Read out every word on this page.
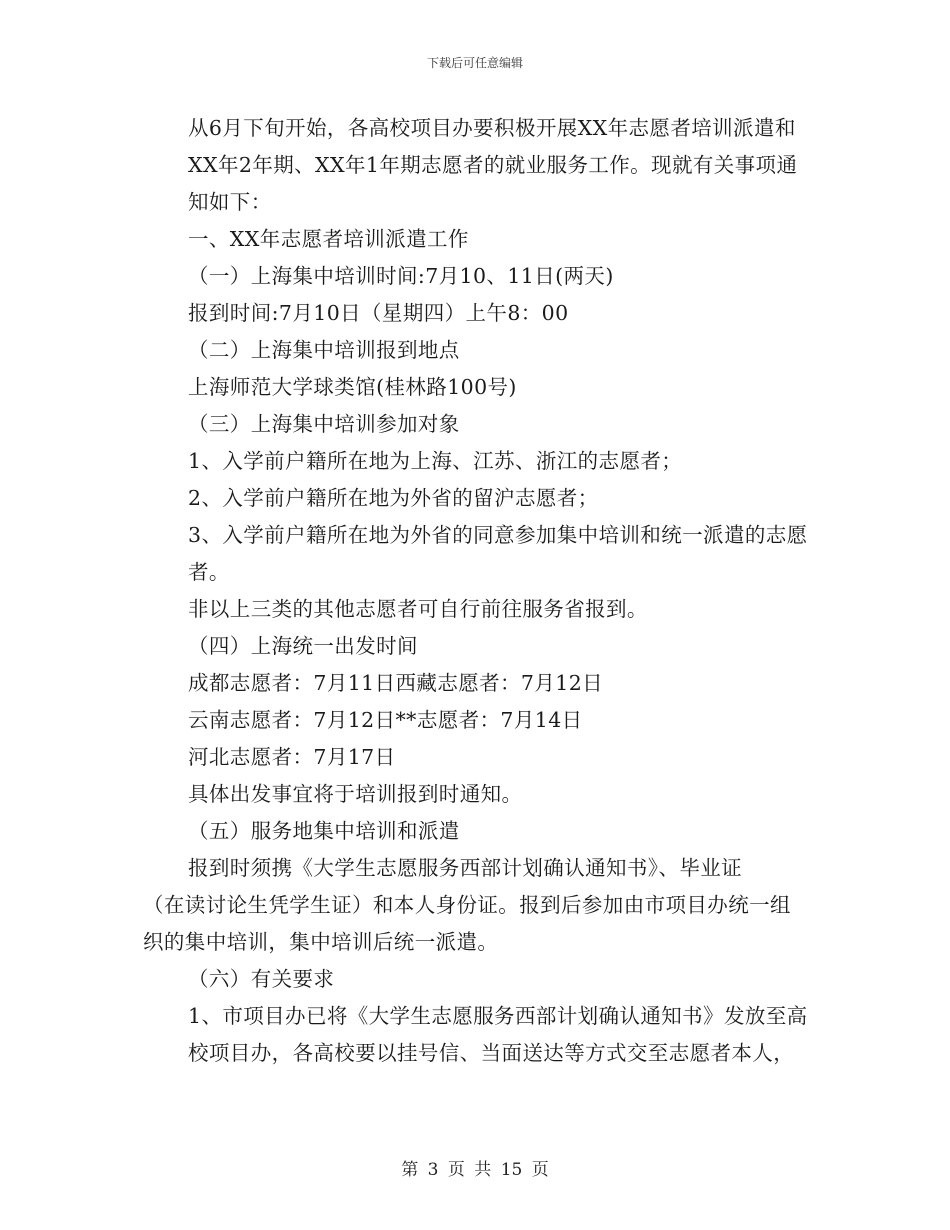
下载后可任意编辑

从6月下旬开始，各高校项目办要积极开展XX年志愿者培训派遣和XX年2年期、XX年1年期志愿者的就业服务工作。现就有关事项通知如下：

一、XX年志愿者培训派遣工作

（一）上海集中培训时间:7月10、11日(两天)

报到时间:7月10日（星期四）上午8：00

（二）上海集中培训报到地点

上海师范大学球类馆(桂林路100号)

（三）上海集中培训参加对象

1、入学前户籍所在地为上海、江苏、浙江的志愿者；

2、入学前户籍所在地为外省的留沪志愿者；

3、入学前户籍所在地为外省的同意参加集中培训和统一派遣的志愿者。

非以上三类的其他志愿者可自行前往服务省报到。

（四）上海统一出发时间

成都志愿者：7月11日西藏志愿者：7月12日

云南志愿者：7月12日**志愿者：7月14日

河北志愿者：7月17日

具体出发事宜将于培训报到时通知。

（五）服务地集中培训和派遣

报到时须携《大学生志愿服务西部计划确认通知书》、毕业证

（在读讨论生凭学生证）和本人身份证。报到后参加由市项目办统一组织的集中培训，集中培训后统一派遣。

（六）有关要求

1、市项目办已将《大学生志愿服务西部计划确认通知书》发放至高校项目办，各高校要以挂号信、当面送达等方式交至志愿者本人，

第 3 页 共 15 页
